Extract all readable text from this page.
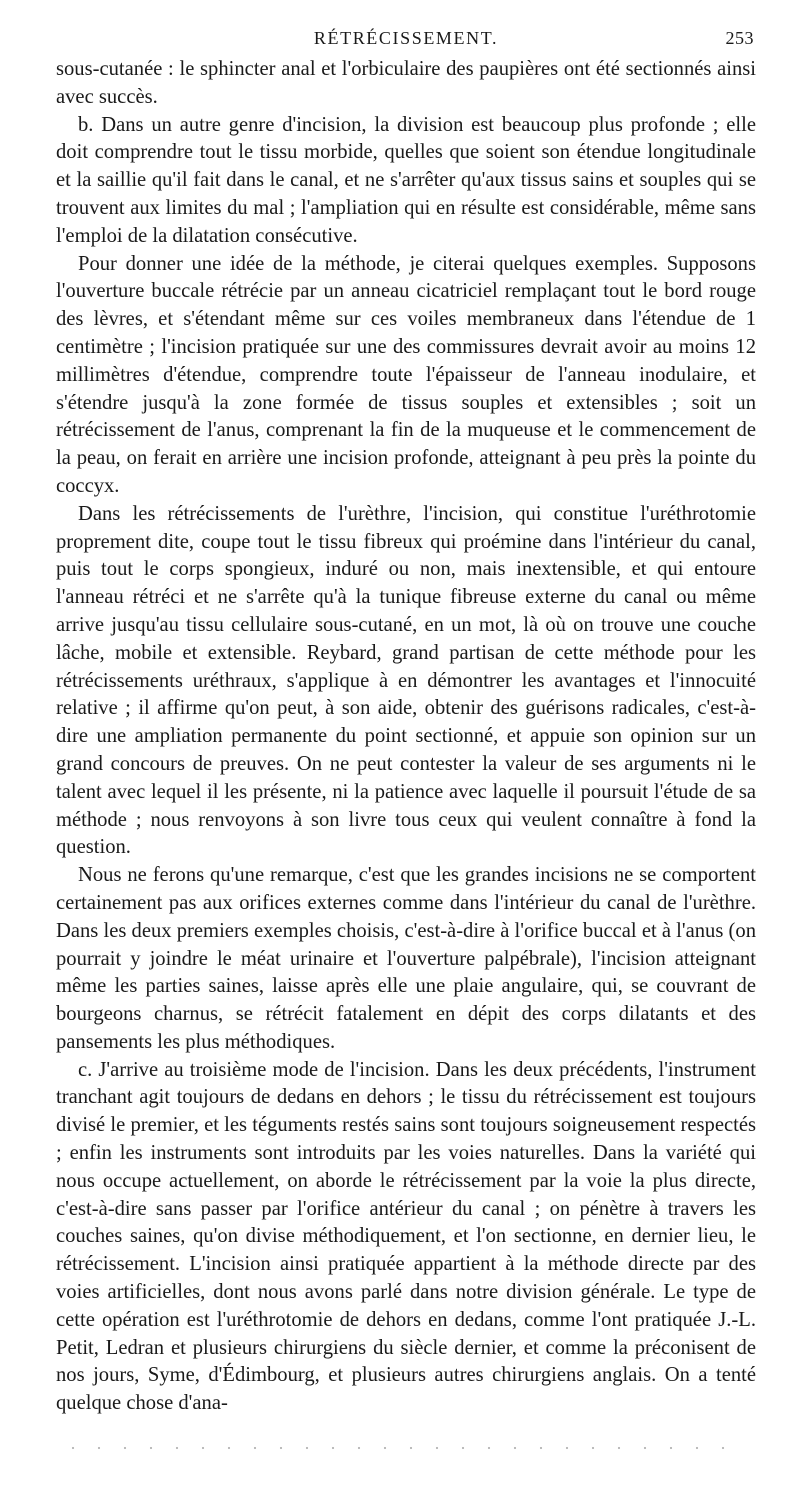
RÉTRÉCISSEMENT.	253

sous-cutanée : le sphincter anal et l'orbiculaire des paupières ont été sectionnés ainsi avec succès.

b. Dans un autre genre d'incision, la division est beaucoup plus profonde ; elle doit comprendre tout le tissu morbide, quelles que soient son étendue longitudinale et la saillie qu'il fait dans le canal, et ne s'arrêter qu'aux tissus sains et souples qui se trouvent aux limites du mal ; l'ampliation qui en résulte est considérable, même sans l'emploi de la dilatation consécutive.

Pour donner une idée de la méthode, je citerai quelques exemples. Supposons l'ouverture buccale rétrécie par un anneau cicatriciel remplaçant tout le bord rouge des lèvres, et s'étendant même sur ces voiles membraneux dans l'étendue de 1 centimètre ; l'incision pratiquée sur une des commissures devrait avoir au moins 12 millimètres d'étendue, comprendre toute l'épaisseur de l'anneau inodulaire, et s'étendre jusqu'à la zone formée de tissus souples et extensibles ; soit un rétrécissement de l'anus, comprenant la fin de la muqueuse et le commencement de la peau, on ferait en arrière une incision profonde, atteignant à peu près la pointe du coccyx.

Dans les rétrécissements de l'urèthre, l'incision, qui constitue l'uréthrotomie proprement dite, coupe tout le tissu fibreux qui proémine dans l'intérieur du canal, puis tout le corps spongieux, induré ou non, mais inextensible, et qui entoure l'anneau rétréci et ne s'arrête qu'à la tunique fibreuse externe du canal ou même arrive jusqu'au tissu cellulaire sous-cutané, en un mot, là où on trouve une couche lâche, mobile et extensible. Reybard, grand partisan de cette méthode pour les rétrécissements uréthraux, s'applique à en démontrer les avantages et l'innocuité relative ; il affirme qu'on peut, à son aide, obtenir des guérisons radicales, c'est-à-dire une ampliation permanente du point sectionné, et appuie son opinion sur un grand concours de preuves. On ne peut contester la valeur de ses arguments ni le talent avec lequel il les présente, ni la patience avec laquelle il poursuit l'étude de sa méthode ; nous renvoyons à son livre tous ceux qui veulent connaître à fond la question.

Nous ne ferons qu'une remarque, c'est que les grandes incisions ne se comportent certainement pas aux orifices externes comme dans l'intérieur du canal de l'urèthre. Dans les deux premiers exemples choisis, c'est-à-dire à l'orifice buccal et à l'anus (on pourrait y joindre le méat urinaire et l'ouverture palpébrale), l'incision atteignant même les parties saines, laisse après elle une plaie angulaire, qui, se couvrant de bourgeons charnus, se rétrécit fatalement en dépit des corps dilatants et des pansements les plus méthodiques.

c. J'arrive au troisième mode de l'incision. Dans les deux précédents, l'instrument tranchant agit toujours de dedans en dehors ; le tissu du rétrécissement est toujours divisé le premier, et les téguments restés sains sont toujours soigneusement respectés ; enfin les instruments sont introduits par les voies naturelles. Dans la variété qui nous occupe actuellement, on aborde le rétrécissement par la voie la plus directe, c'est-à-dire sans passer par l'orifice antérieur du canal ; on pénètre à travers les couches saines, qu'on divise méthodiquement, et l'on sectionne, en dernier lieu, le rétrécissement. L'incision ainsi pratiquée appartient à la méthode directe par des voies artificielles, dont nous avons parlé dans notre division générale. Le type de cette opération est l'uréthrotomie de dehors en dedans, comme l'ont pratiquée J.-L. Petit, Ledran et plusieurs chirurgiens du siècle dernier, et comme la préconisent de nos jours, Syme, d'Édimbourg, et plusieurs autres chirurgiens anglais. On a tenté quelque chose d'ana-
